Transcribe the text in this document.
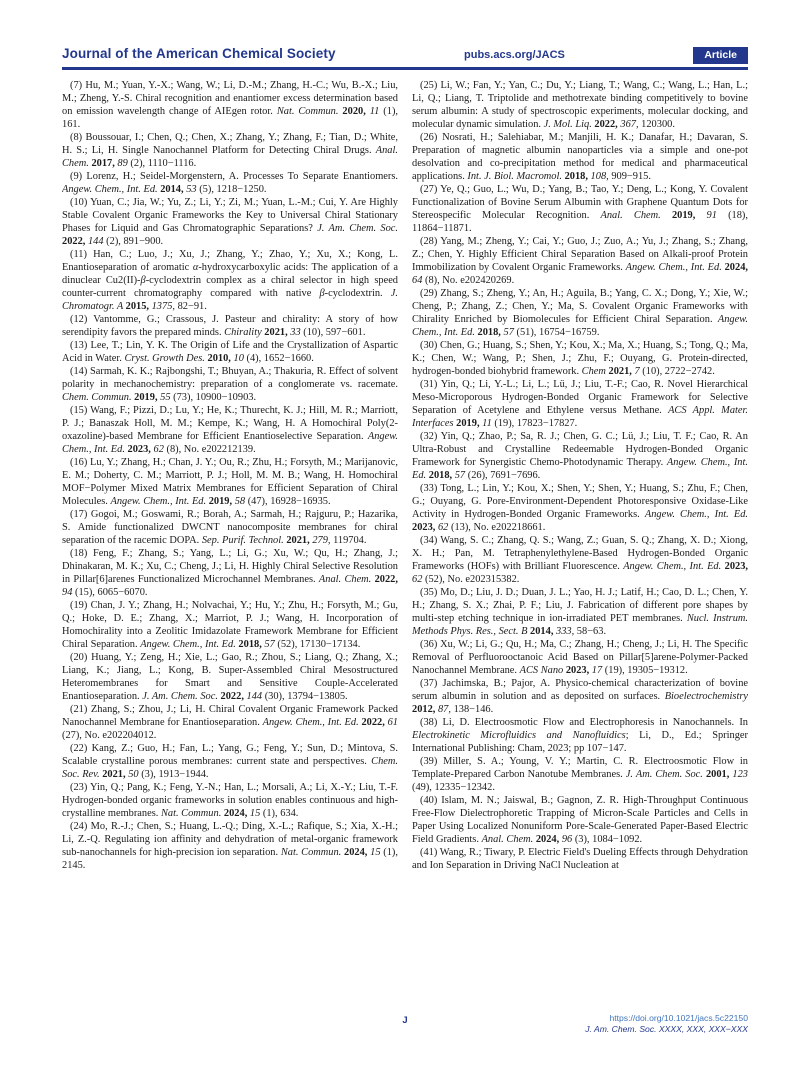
Journal of the American Chemical Society	pubs.acs.org/JACS	Article

(7) Hu, M.; Yuan, Y.-X.; Wang, W.; Li, D.-M.; Zhang, H.-C.; Wu, B.-X.; Liu, M.; Zheng, Y.-S. Chiral recognition and enantiomer excess determination based on emission wavelength change of AIEgen rotor. Nat. Commun. 2020, 11 (1), 161.

(8) Boussouar, I.; Chen, Q.; Chen, X.; Zhang, Y.; Zhang, F.; Tian, D.; White, H. S.; Li, H. Single Nanochannel Platform for Detecting Chiral Drugs. Anal. Chem. 2017, 89 (2), 1110−1116.

(9) Lorenz, H.; Seidel-Morgenstern, A. Processes To Separate Enantiomers. Angew. Chem., Int. Ed. 2014, 53 (5), 1218−1250.

(10) Yuan, C.; Jia, W.; Yu, Z.; Li, Y.; Zi, M.; Yuan, L.-M.; Cui, Y. Are Highly Stable Covalent Organic Frameworks the Key to Universal Chiral Stationary Phases for Liquid and Gas Chromatographic Separations? J. Am. Chem. Soc. 2022, 144 (2), 891−900.

(11) Han, C.; Luo, J.; Xu, J.; Zhang, Y.; Zhao, Y.; Xu, X.; Kong, L. Enantioseparation of aromatic α-hydroxycarboxylic acids: The application of a dinuclear Cu2(II)-β-cyclodextrin complex as a chiral selector in high speed counter-current chromatography compared with native β-cyclodextrin. J. Chromatogr. A 2015, 1375, 82−91.

(12) Vantomme, G.; Crassous, J. Pasteur and chirality: A story of how serendipity favors the prepared minds. Chirality 2021, 33 (10), 597−601.

(13) Lee, T.; Lin, Y. K. The Origin of Life and the Crystallization of Aspartic Acid in Water. Cryst. Growth Des. 2010, 10 (4), 1652−1660.

(14) Sarmah, K. K.; Rajbongshi, T.; Bhuyan, A.; Thakuria, R. Effect of solvent polarity in mechanochemistry: preparation of a conglomerate vs. racemate. Chem. Commun. 2019, 55 (73), 10900−10903.

(15) Wang, F.; Pizzi, D.; Lu, Y.; He, K.; Thurecht, K. J.; Hill, M. R.; Marriott, P. J.; Banaszak Holl, M. M.; Kempe, K.; Wang, H. A Homochiral Poly(2-oxazoline)-based Membrane for Efficient Enantioselective Separation. Angew. Chem., Int. Ed. 2023, 62 (8), No. e202212139.

(16) Lu, Y.; Zhang, H.; Chan, J. Y.; Ou, R.; Zhu, H.; Forsyth, M.; Marijanovic, E. M.; Doherty, C. M.; Marriott, P. J.; Holl, M. M. B.; Wang, H. Homochiral MOF−Polymer Mixed Matrix Membranes for Efficient Separation of Chiral Molecules. Angew. Chem., Int. Ed. 2019, 58 (47), 16928−16935.

(17) Gogoi, M.; Goswami, R.; Borah, A.; Sarmah, H.; Rajguru, P.; Hazarika, S. Amide functionalized DWCNT nanocomposite membranes for chiral separation of the racemic DOPA. Sep. Purif. Technol. 2021, 279, 119704.

(18) Feng, F.; Zhang, S.; Yang, L.; Li, G.; Xu, W.; Qu, H.; Zhang, J.; Dhinakaran, M. K.; Xu, C.; Cheng, J.; Li, H. Highly Chiral Selective Resolution in Pillar[6]arenes Functionalized Microchannel Membranes. Anal. Chem. 2022, 94 (15), 6065−6070.

(19) Chan, J. Y.; Zhang, H.; Nolvachai, Y.; Hu, Y.; Zhu, H.; Forsyth, M.; Gu, Q.; Hoke, D. E.; Zhang, X.; Marriot, P. J.; Wang, H. Incorporation of Homochirality into a Zeolitic Imidazolate Framework Membrane for Efficient Chiral Separation. Angew. Chem., Int. Ed. 2018, 57 (52), 17130−17134.

(20) Huang, Y.; Zeng, H.; Xie, L.; Gao, R.; Zhou, S.; Liang, Q.; Zhang, X.; Liang, K.; Jiang, L.; Kong, B. Super-Assembled Chiral Mesostructured Heteromembranes for Smart and Sensitive Couple-Accelerated Enantioseparation. J. Am. Chem. Soc. 2022, 144 (30), 13794−13805.

(21) Zhang, S.; Zhou, J.; Li, H. Chiral Covalent Organic Framework Packed Nanochannel Membrane for Enantioseparation. Angew. Chem., Int. Ed. 2022, 61 (27), No. e202204012.

(22) Kang, Z.; Guo, H.; Fan, L.; Yang, G.; Feng, Y.; Sun, D.; Mintova, S. Scalable crystalline porous membranes: current state and perspectives. Chem. Soc. Rev. 2021, 50 (3), 1913−1944.

(23) Yin, Q.; Pang, K.; Feng, Y.-N.; Han, L.; Morsali, A.; Li, X.-Y.; Liu, T.-F. Hydrogen-bonded organic frameworks in solution enables continuous and high-crystalline membranes. Nat. Commun. 2024, 15 (1), 634.

(24) Mo, R.-J.; Chen, S.; Huang, L.-Q.; Ding, X.-L.; Rafique, S.; Xia, X.-H.; Li, Z.-Q. Regulating ion affinity and dehydration of metal-organic framework sub-nanochannels for high-precision ion separation. Nat. Commun. 2024, 15 (1), 2145.

(25) Li, W.; Fan, Y.; Yan, C.; Du, Y.; Liang, T.; Wang, C.; Wang, L.; Han, L.; Li, Q.; Liang, T. Triptolide and methotrexate binding competitively to bovine serum albumin: A study of spectroscopic experiments, molecular docking, and molecular dynamic simulation. J. Mol. Liq. 2022, 367, 120300.

(26) Nosrati, H.; Salehiabar, M.; Manjili, H. K.; Danafar, H.; Davaran, S. Preparation of magnetic albumin nanoparticles via a simple and one-pot desolvation and co-precipitation method for medical and pharmaceutical applications. Int. J. Biol. Macromol. 2018, 108, 909−915.

(27) Ye, Q.; Guo, L.; Wu, D.; Yang, B.; Tao, Y.; Deng, L.; Kong, Y. Covalent Functionalization of Bovine Serum Albumin with Graphene Quantum Dots for Stereospecific Molecular Recognition. Anal. Chem. 2019, 91 (18), 11864−11871.

(28) Yang, M.; Zheng, Y.; Cai, Y.; Guo, J.; Zuo, A.; Yu, J.; Zhang, S.; Zhang, Z.; Chen, Y. Highly Efficient Chiral Separation Based on Alkali-proof Protein Immobilization by Covalent Organic Frameworks. Angew. Chem., Int. Ed. 2024, 64 (8), No. e202420269.

(29) Zhang, S.; Zheng, Y.; An, H.; Aguila, B.; Yang, C. X.; Dong, Y.; Xie, W.; Cheng, P.; Zhang, Z.; Chen, Y.; Ma, S. Covalent Organic Frameworks with Chirality Enriched by Biomolecules for Efficient Chiral Separation. Angew. Chem., Int. Ed. 2018, 57 (51), 16754−16759.

(30) Chen, G.; Huang, S.; Shen, Y.; Kou, X.; Ma, X.; Huang, S.; Tong, Q.; Ma, K.; Chen, W.; Wang, P.; Shen, J.; Zhu, F.; Ouyang, G. Protein-directed, hydrogen-bonded biohybrid framework. Chem 2021, 7 (10), 2722−2742.

(31) Yin, Q.; Li, Y.-L.; Li, L.; Lü, J.; Liu, T.-F.; Cao, R. Novel Hierarchical Meso-Microporous Hydrogen-Bonded Organic Framework for Selective Separation of Acetylene and Ethylene versus Methane. ACS Appl. Mater. Interfaces 2019, 11 (19), 17823−17827.

(32) Yin, Q.; Zhao, P.; Sa, R. J.; Chen, G. C.; Lü, J.; Liu, T. F.; Cao, R. An Ultra-Robust and Crystalline Redeemable Hydrogen-Bonded Organic Framework for Synergistic Chemo-Photodynamic Therapy. Angew. Chem., Int. Ed. 2018, 57 (26), 7691−7696.

(33) Tong, L.; Lin, Y.; Kou, X.; Shen, Y.; Shen, Y.; Huang, S.; Zhu, F.; Chen, G.; Ouyang, G. Pore-Environment-Dependent Photoresponsive Oxidase-Like Activity in Hydrogen-Bonded Organic Frameworks. Angew. Chem., Int. Ed. 2023, 62 (13), No. e202218661.

(34) Wang, S. C.; Zhang, Q. S.; Wang, Z.; Guan, S. Q.; Zhang, X. D.; Xiong, X. H.; Pan, M. Tetraphenylethylene-Based Hydrogen-Bonded Organic Frameworks (HOFs) with Brilliant Fluorescence. Angew. Chem., Int. Ed. 2023, 62 (52), No. e202315382.

(35) Mo, D.; Liu, J. D.; Duan, J. L.; Yao, H. J.; Latif, H.; Cao, D. L.; Chen, Y. H.; Zhang, S. X.; Zhai, P. F.; Liu, J. Fabrication of different pore shapes by multi-step etching technique in ion-irradiated PET membranes. Nucl. Instrum. Methods Phys. Res., Sect. B 2014, 333, 58−63.

(36) Xu, W.; Li, G.; Qu, H.; Ma, C.; Zhang, H.; Cheng, J.; Li, H. The Specific Removal of Perfluorooctanoic Acid Based on Pillar[5]arene-Polymer-Packed Nanochannel Membrane. ACS Nano 2023, 17 (19), 19305−19312.

(37) Jachimska, B.; Pajor, A. Physico-chemical characterization of bovine serum albumin in solution and as deposited on surfaces. Bioelectrochemistry 2012, 87, 138−146.

(38) Li, D. Electroosmotic Flow and Electrophoresis in Nanochannels. In Electrokinetic Microfluidics and Nanofluidics; Li, D., Ed.; Springer International Publishing: Cham, 2023; pp 107−147.

(39) Miller, S. A.; Young, V. Y.; Martin, C. R. Electroosmotic Flow in Template-Prepared Carbon Nanotube Membranes. J. Am. Chem. Soc. 2001, 123 (49), 12335−12342.

(40) Islam, M. N.; Jaiswal, B.; Gagnon, Z. R. High-Throughput Continuous Free-Flow Dielectrophoretic Trapping of Micron-Scale Particles and Cells in Paper Using Localized Nonuniform Pore-Scale-Generated Paper-Based Electric Field Gradients. Anal. Chem. 2024, 96 (3), 1084−1092.

(41) Wang, R.; Tiwary, P. Electric Field's Dueling Effects through Dehydration and Ion Separation in Driving NaCl Nucleation at

J	https://doi.org/10.1021/jacs.5c22150
J. Am. Chem. Soc. XXXX, XXX, XXX−XXX
